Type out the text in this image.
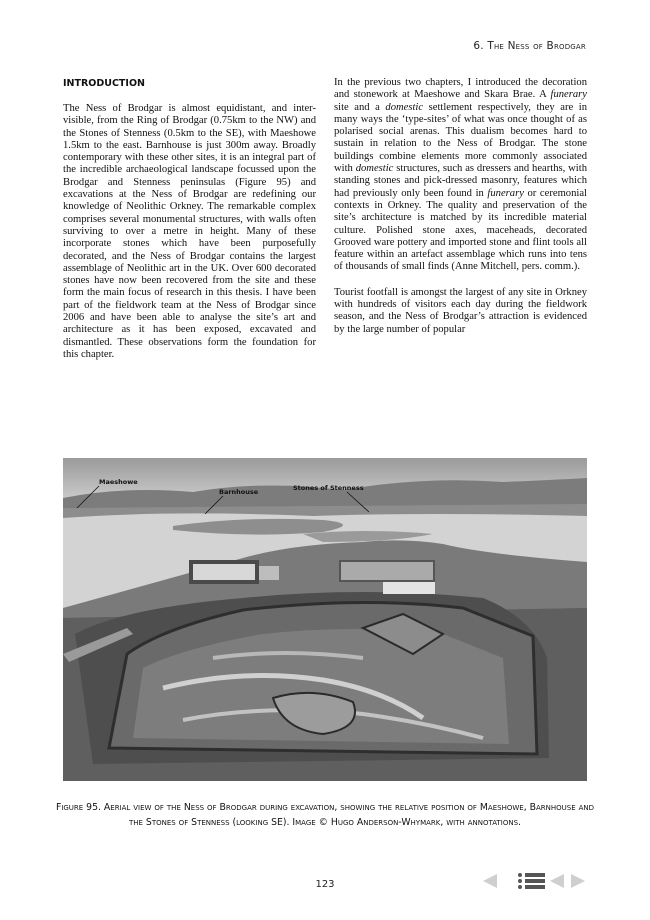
6. The Ness of Brodgar
INTRODUCTION

The Ness of Brodgar is almost equidistant, and inter-visible, from the Ring of Brodgar (0.75km to the NW) and the Stones of Stenness (0.5km to the SE), with Maeshowe 1.5km to the east. Barnhouse is just 300m away. Broadly contemporary with these other sites, it is an integral part of the incredible archaeological landscape focussed upon the Brodgar and Stenness peninsulas (Figure 95) and excavations at the Ness of Brodgar are redefining our knowledge of Neolithic Orkney. The remarkable complex comprises several monumental structures, with walls often surviving to over a metre in height. Many of these incorporate stones which have been purposefully decorated, and the Ness of Brodgar contains the largest assemblage of Neolithic art in the UK. Over 600 decorated stones have now been recovered from the site and these form the main focus of research in this thesis. I have been part of the fieldwork team at the Ness of Brodgar since 2006 and have been able to analyse the site’s art and architecture as it has been exposed, excavated and dismantled. These observations form the foundation for this chapter.

In the previous two chapters, I introduced the decoration and stonework at Maeshowe and Skara Brae. A funerary site and a domestic settlement respectively, they are in many ways the ‘type-sites’ of what was once thought of as polarised social arenas. This dualism becomes hard to sustain in relation to the Ness of Brodgar. The stone buildings combine elements more commonly associated with domestic structures, such as dressers and hearths, with standing stones and pick-dressed masonry, features which had previously only been found in funerary or ceremonial contexts in Orkney. The quality and preservation of the site’s architecture is matched by its incredible material culture. Polished stone axes, maceheads, decorated Grooved ware pottery and imported stone and flint tools all feature within an artefact assemblage which runs into tens of thousands of small finds (Anne Mitchell, pers. comm.).

Tourist footfall is amongst the largest of any site in Orkney with hundreds of visitors each day during the fieldwork season, and the Ness of Brodgar’s attraction is evidenced by the large number of popular

Maeshowe
Barnhouse	Stones of Stenness
Figure 95. Aerial view of the Ness of Brodgar during excavation, showing the relative position of Maeshowe, Barnhouse and the Stones of Stenness (looking SE). Image © Hugo Anderson-Whymark, with annotations.
123
